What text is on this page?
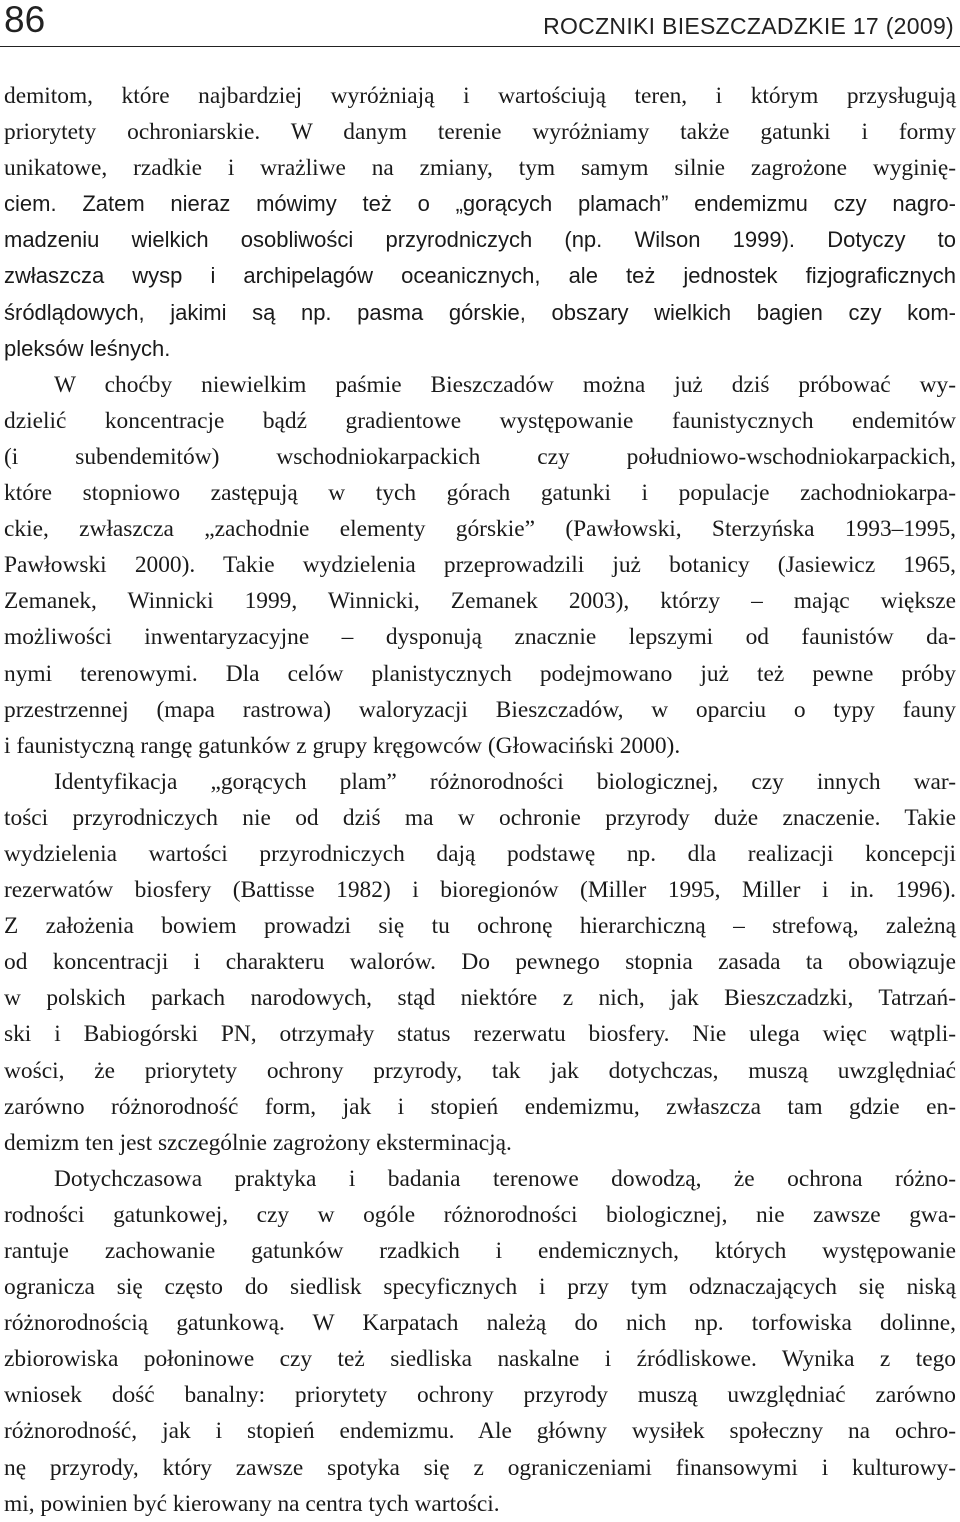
86	ROCZNIKI BIESZCZADZKIE 17 (2009)
demitom, które najbardziej wyróżniają i wartościują teren, i którym przysługują
priorytety ochroniarskie. W danym terenie wyróżniamy także gatunki i formy
unikatowe, rzadkie i wrażliwe na zmiany, tym samym silnie zagrożone wyginię-
ciem. Zatem nieraz mówimy też o „gorących plamach” endemizmu czy nagro-
madzeniu wielkich osobliwości przyrodniczych (np. Wilson 1999). Dotyczy to
zwłaszcza wysp i archipelagów oceanicznych, ale też jednostek fizjograficznych
śródlądowych, jakimi są np. pasma górskie, obszary wielkich bagien czy kom-
pleksów leśnych.
W choćby niewielkim paśmie Bieszczadów można już dziś próbować wy-
dzielić koncentracje bądź gradientowe występowanie faunistycznych endemitów
(i subendemitów) wschodniokarpackich czy południowo-wschodniokarpackich,
które stopniowo zastępują w tych górach gatunki i populacje zachodniokarpa-
ckie, zwłaszcza „zachodnie elementy górskie” (Pawłowski, Sterzyńska 1993–1995,
Pawłowski 2000). Takie wydzielenia przeprowadzili już botanicy (Jasiewicz 1965,
Zemanek, Winnicki 1999, Winnicki, Zemanek 2003), którzy – mając większe
możliwości inwentaryzacyjne – dysponują znacznie lepszymi od faunistów da-
nymi terenowymi. Dla celów planistycznych podejmowano już też pewne próby
przestrzennej (mapa rastrowa) waloryzacji Bieszczadów, w oparciu o typy fauny
i faunistyczną rangę gatunków z grupy kręgowców (Głowaciński 2000).
Identyfikacja „gorących plam” różnorodności biologicznej, czy innych war-
tości przyrodniczych nie od dziś ma w ochronie przyrody duże znaczenie. Takie
wydzielenia wartości przyrodniczych dają podstawę np. dla realizacji koncepcji
rezerwatów biosfery (Battisse 1982) i bioregionów (Miller 1995, Miller i in. 1996).
Z założenia bowiem prowadzi się tu ochronę hierarchiczną – strefową, zależną
od koncentracji i charakteru walorów. Do pewnego stopnia zasada ta obowiązuje
w polskich parkach narodowych, stąd niektóre z nich, jak Bieszczadzki, Tatrzań-
ski i Babiogórski PN, otrzymały status rezerwatu biosfery. Nie ulega więc wątpli-
wości, że priorytety ochrony przyrody, tak jak dotychczas, muszą uwzględniać
zarówno różnorodność form, jak i stopień endemizmu, zwłaszcza tam gdzie en-
demizm ten jest szczególnie zagrożony eksterminacją.
Dotychczasowa praktyka i badania terenowe dowodzą, że ochrona różno-
rodności gatunkowej, czy w ogóle różnorodności biologicznej, nie zawsze gwa-
rantuje zachowanie gatunków rzadkich i endemicznych, których występowanie
ogranicza się często do siedlisk specyficznych i przy tym odznaczających się niską
różnorodnością gatunkową. W Karpatach należą do nich np. torfowiska dolinne,
zbiorowiska połoninowe czy też siedliska naskalne i źródliskowe. Wynika z tego
wniosek dość banalny: priorytety ochrony przyrody muszą uwzględniać zarówno
różnorodność, jak i stopień endemizmu. Ale główny wysiłek społeczny na ochro-
nę przyrody, który zawsze spotyka się z ograniczeniami finansowymi i kulturowy-
mi, powinien być kierowany na centra tych wartości.
